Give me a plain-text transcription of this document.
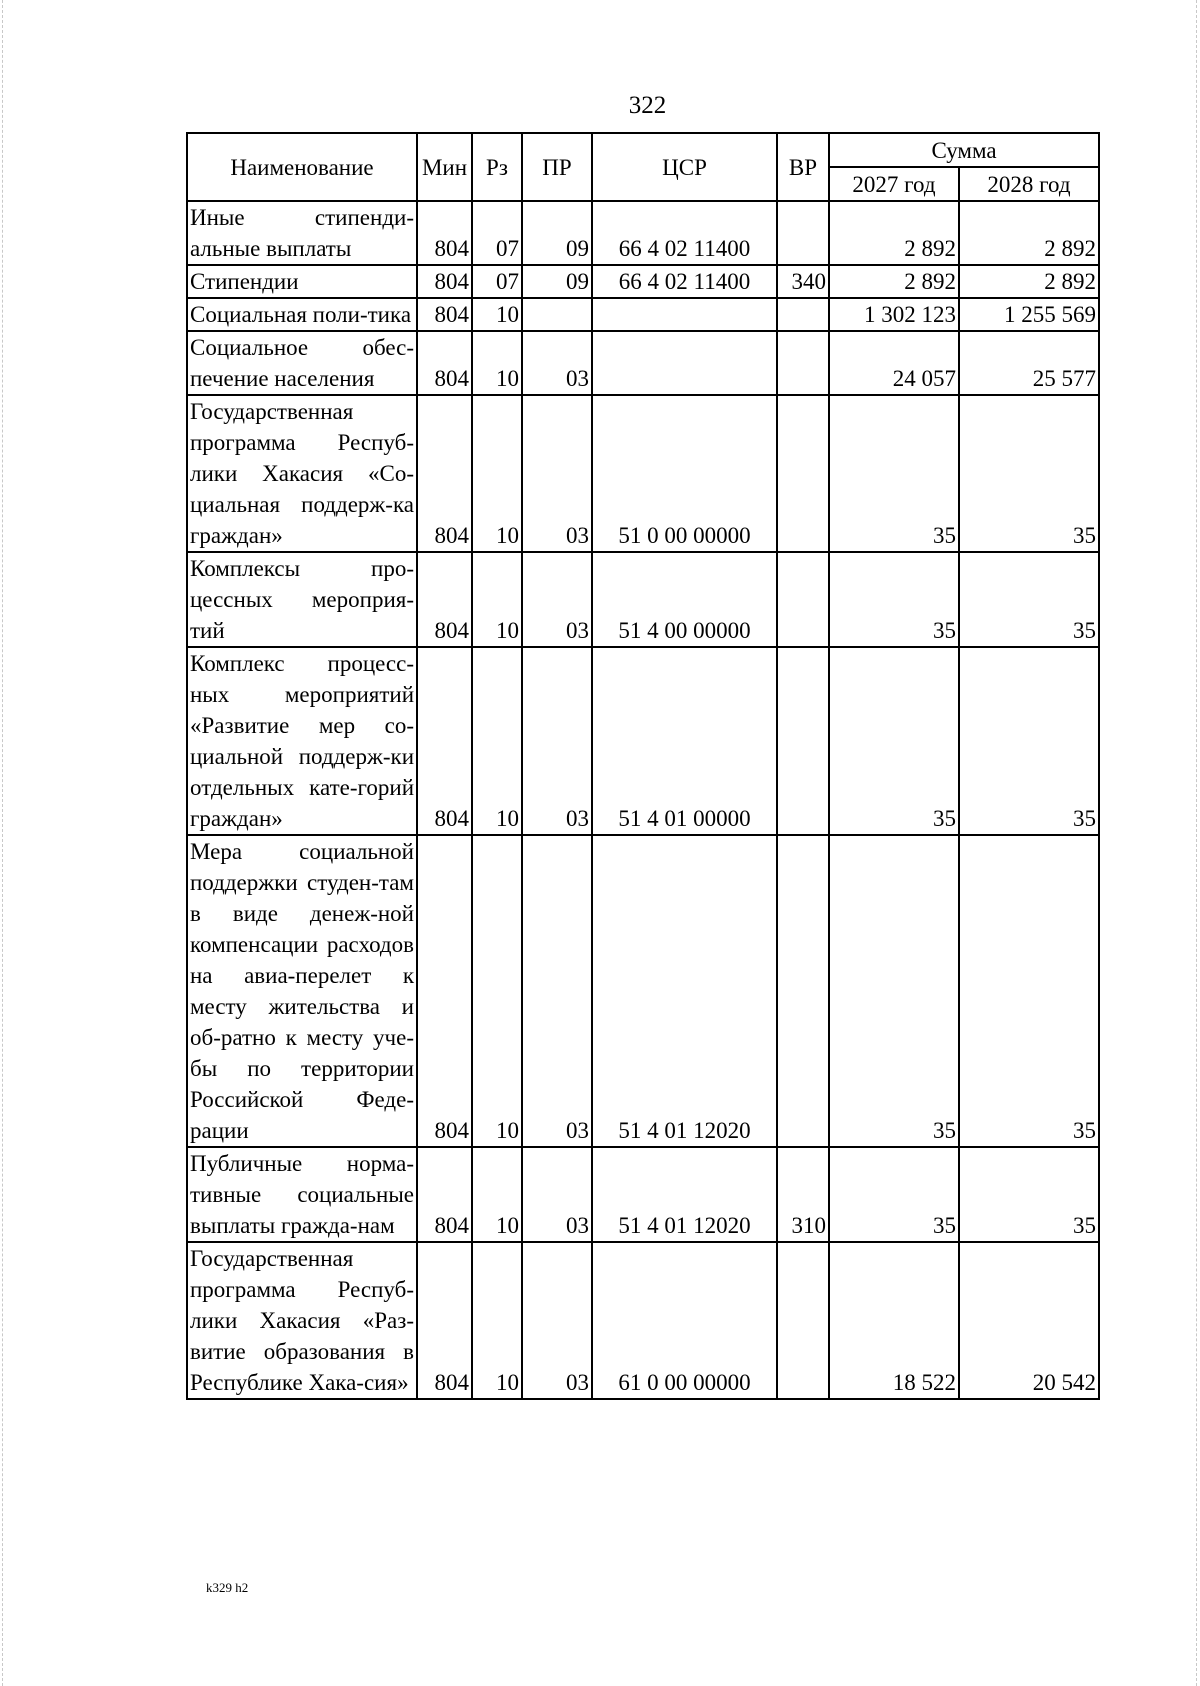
322
Наименование	Мин	Рз	ПР	ЦСР	ВР	Сумма	
						2027 год	2028 год
Иные стипенди-альные выплаты	804	07	09	66 4 02 11400		2 892	2 892
Стипендии	804	07	09	66 4 02 11400	340	2 892	2 892
Социальная поли-тика	804	10				1 302 123	1 255 569
Социальное обес-печение населения	804	10	03			24 057	25 577
Государственная программа Респуб-лики Хакасия «Со-циальная поддерж-ка граждан»	804	10	03	51 0 00 00000		35	35
Комплексы про-цессных мероприя-тий	804	10	03	51 4 00 00000		35	35
Комплекс процесс-ных мероприятий «Развитие мер со-циальной поддерж-ки отдельных кате-горий граждан»	804	10	03	51 4 01 00000		35	35
Мера социальной поддержки студен-там в виде денеж-ной компенсации расходов на авиа-перелет к месту жительства и об-ратно к месту уче-бы по территории Российской Феде-рации	804	10	03	51 4 01 12020		35	35
Публичные норма-тивные социальные выплаты гражда-нам	804	10	03	51 4 01 12020	310	35	35
Государственная программа Респуб-лики Хакасия «Раз-витие образования в Республике Хака-сия»	804	10	03	61 0 00 00000		18 522	20 542
k329 h2
